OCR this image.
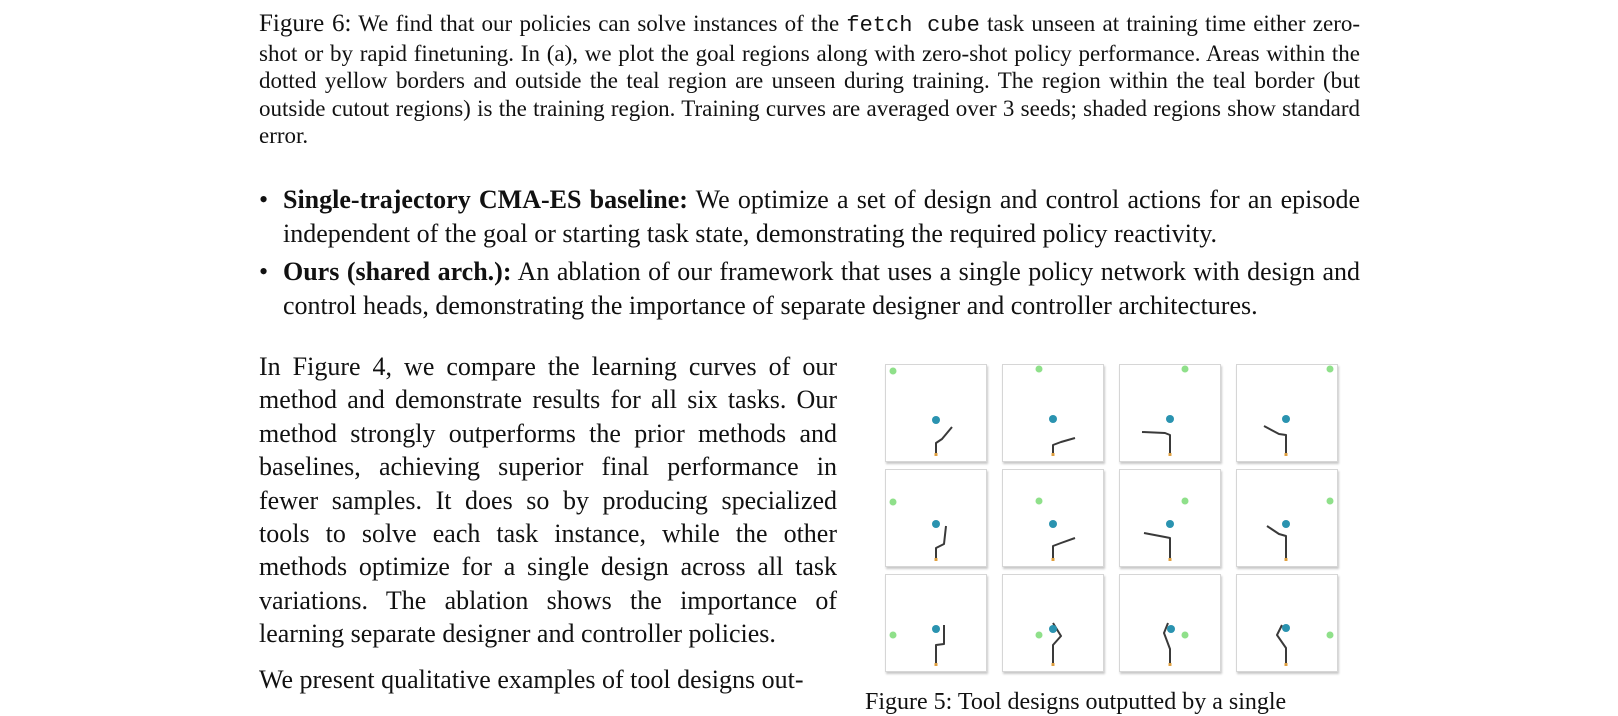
Figure 6: We find that our policies can solve instances of the fetch cube task unseen at training time either zero-shot or by rapid finetuning. In (a), we plot the goal regions along with zero-shot policy performance. Areas within the dotted yellow borders and outside the teal region are unseen during training. The region within the teal border (but outside cutout regions) is the training region. Training curves are averaged over 3 seeds; shaded regions show standard error.
• Single-trajectory CMA-ES baseline: We optimize a set of design and control actions for an episode independent of the goal or starting task state, demonstrating the required policy reactivity.
• Ours (shared arch.): An ablation of our framework that uses a single policy network with design and control heads, demonstrating the importance of separate designer and controller architectures.

In Figure 4, we compare the learning curves of our method and demonstrate results for all six tasks. Our method strongly outperforms the prior methods and baselines, achieving superior final performance in fewer samples. It does so by producing specialized tools to solve each task instance, while the other methods optimize for a single design across all task variations. The ablation shows the importance of learning separate designer and controller policies.

We present qualitative examples of tool designs out-

Figure 5: Tool designs outputted by a single
